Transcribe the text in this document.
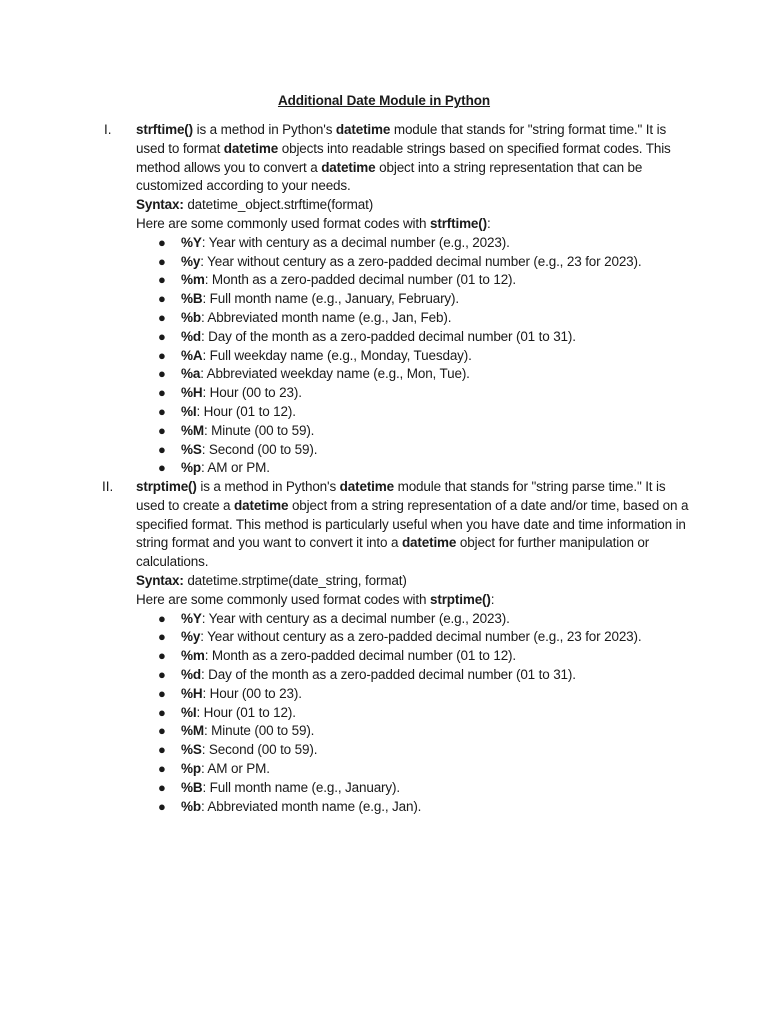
Additional Date Module in Python
I. strftime() is a method in Python's datetime module that stands for "string format time." It is used to format datetime objects into readable strings based on specified format codes. This method allows you to convert a datetime object into a string representation that can be customized according to your needs.

Syntax: datetime_object.strftime(format)

Here are some commonly used format codes with strftime():

● %Y: Year with century as a decimal number (e.g., 2023).
● %y: Year without century as a zero-padded decimal number (e.g., 23 for 2023).
● %m: Month as a zero-padded decimal number (01 to 12).
● %B: Full month name (e.g., January, February).
● %b: Abbreviated month name (e.g., Jan, Feb).
● %d: Day of the month as a zero-padded decimal number (01 to 31).
● %A: Full weekday name (e.g., Monday, Tuesday).
● %a: Abbreviated weekday name (e.g., Mon, Tue).
● %H: Hour (00 to 23).
● %I: Hour (01 to 12).
● %M: Minute (00 to 59).
● %S: Second (00 to 59).
● %p: AM or PM.
II. strptime() is a method in Python's datetime module that stands for "string parse time." It is used to create a datetime object from a string representation of a date and/or time, based on a specified format. This method is particularly useful when you have date and time information in string format and you want to convert it into a datetime object for further manipulation or calculations.

Syntax: datetime.strptime(date_string, format)

Here are some commonly used format codes with strptime():

● %Y: Year with century as a decimal number (e.g., 2023).
● %y: Year without century as a zero-padded decimal number (e.g., 23 for 2023).
● %m: Month as a zero-padded decimal number (01 to 12).
● %d: Day of the month as a zero-padded decimal number (01 to 31).
● %H: Hour (00 to 23).
● %I: Hour (01 to 12).
● %M: Minute (00 to 59).
● %S: Second (00 to 59).
● %p: AM or PM.
● %B: Full month name (e.g., January).
● %b: Abbreviated month name (e.g., Jan).
